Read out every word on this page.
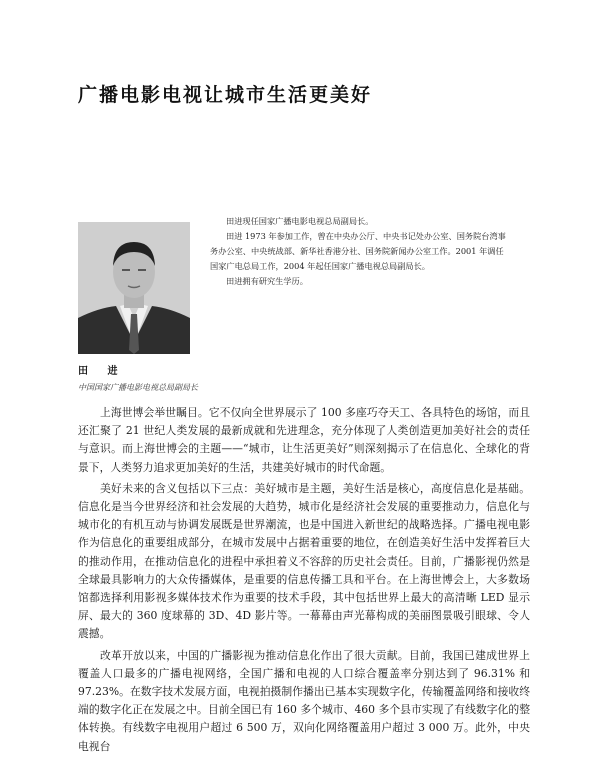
广播电影电视让城市生活更美好

田进现任国家广播电影电视总局副局长。

田进 1973 年参加工作，曾在中央办公厅、中央书记处办公室、国务院台湾事务办公室、中央统战部、新华社香港分社、国务院新闻办公室工作。2001 年调任国家广电总局工作，2004 年起任国家广播电视总局副局长。

田进拥有研究生学历。

田 进
中国国家广播电影电视总局副局长

上海世博会举世瞩目。它不仅向全世界展示了 100 多座巧夺天工、各具特色的场馆，而且还汇聚了 21 世纪人类发展的最新成就和先进理念，充分体现了人类创造更加美好社会的责任与意识。而上海世博会的主题——“城市，让生活更美好”则深刻揭示了在信息化、全球化的背景下，人类努力追求更加美好的生活，共建美好城市的时代命题。

美好未来的含义包括以下三点：美好城市是主题，美好生活是核心，高度信息化是基础。信息化是当今世界经济和社会发展的大趋势，城市化是经济社会发展的重要推动力，信息化与城市化的有机互动与协调发展既是世界潮流，也是中国进入新世纪的战略选择。广播电视电影作为信息化的重要组成部分，在城市发展中占据着重要的地位，在创造美好生活中发挥着巨大的推动作用，在推动信息化的进程中承担着义不容辞的历史社会责任。目前，广播影视仍然是全球最具影响力的大众传播媒体，是重要的信息传播工具和平台。在上海世博会上，大多数场馆都选择利用影视多媒体技术作为重要的技术手段，其中包括世界上最大的高清晰 LED 显示屏、最大的 360 度球幕的 3D、4D 影片等。一幕幕由声光幕构成的美丽图景吸引眼球、令人震撼。

改革开放以来，中国的广播影视为推动信息化作出了很大贡献。目前，我国已建成世界上覆盖人口最多的广播电视网络，全国广播和电视的人口综合覆盖率分别达到了 96.31% 和 97.23%。在数字技术发展方面，电视拍摄制作播出已基本实现数字化，传输覆盖网络和接收终端的数字化正在发展之中。目前全国已有 160 多个城市、460 多个县市实现了有线数字化的整体转换。有线数字电视用户超过 6 500 万，双向化网络覆盖用户超过 3 000 万。此外，中央电视台
